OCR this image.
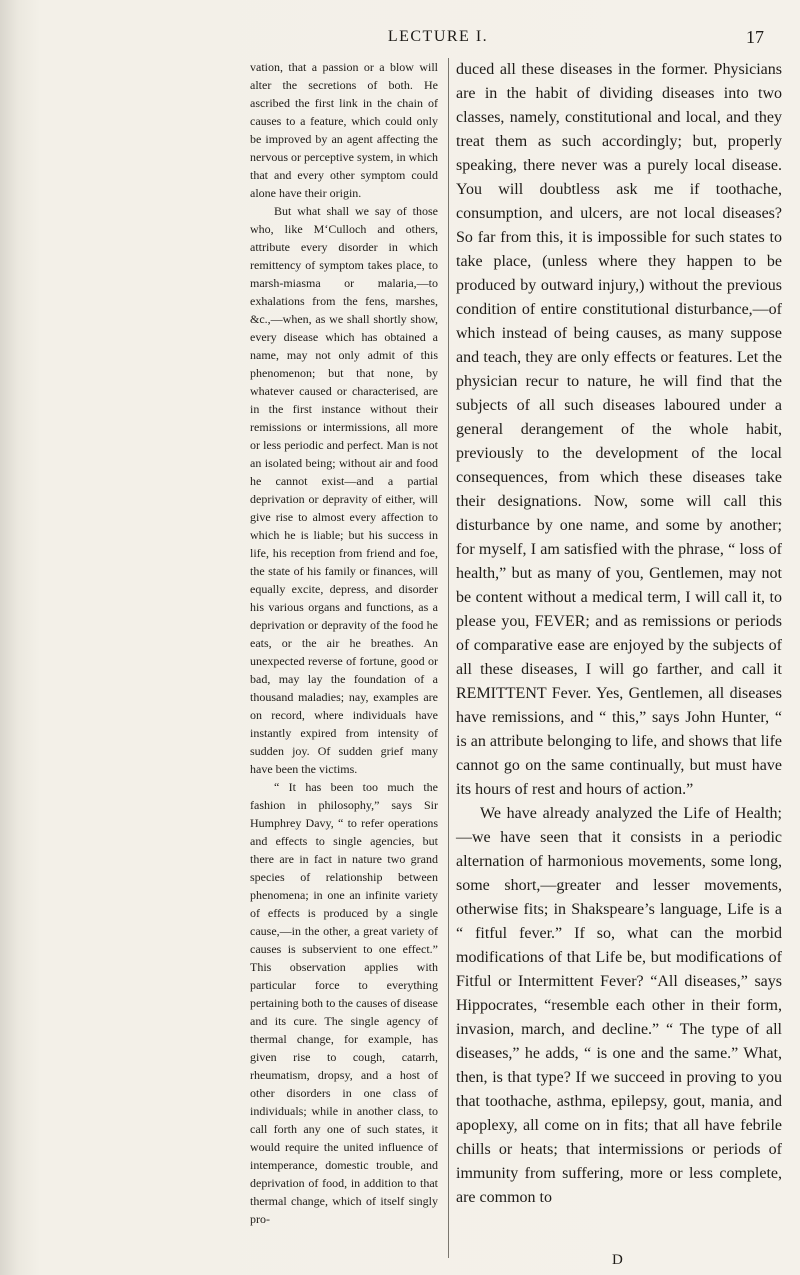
LECTURE I.	17

vation, that a passion or a blow will alter the secretions of both. He ascribed the first link in the chain of causes to a feature, which could only be improved by an agent affecting the nervous or perceptive system, in which that and every other symptom could alone have their origin.

But what shall we say of those who, like M‘Culloch and others, attribute every disorder in which remittency of symptom takes place, to marsh-miasma or malaria,—to exhalations from the fens, marshes, &c.,—when, as we shall shortly show, every disease which has obtained a name, may not only admit of this phenomenon; but that none, by whatever caused or characterised, are in the first instance without their remissions or intermissions, all more or less periodic and perfect. Man is not an isolated being; without air and food he cannot exist—and a partial deprivation or depravity of either, will give rise to almost every affection to which he is liable; but his success in life, his reception from friend and foe, the state of his family or finances, will equally excite, depress, and disorder his various organs and functions, as a deprivation or depravity of the food he eats, or the air he breathes. An unexpected reverse of fortune, good or bad, may lay the foundation of a thousand maladies; nay, examples are on record, where individuals have instantly expired from intensity of sudden joy. Of sudden grief many have been the victims.

“ It has been too much the fashion in philosophy,” says Sir Humphrey Davy, “ to refer operations and effects to single agencies, but there are in fact in nature two grand species of relationship between phenomena; in one an infinite variety of effects is produced by a single cause,—in the other, a great variety of causes is subservient to one effect.” This observation applies with particular force to everything pertaining both to the causes of disease and its cure. The single agency of thermal change, for example, has given rise to cough, catarrh, rheumatism, dropsy, and a host of other disorders in one class of individuals; while in another class, to call forth any one of such states, it would require the united influence of intemperance, domestic trouble, and deprivation of food, in addition to that thermal change, which of itself singly pro-

duced all these diseases in the former. Physicians are in the habit of dividing diseases into two classes, namely, constitutional and local, and they treat them as such accordingly; but, properly speaking, there never was a purely local disease. You will doubtless ask me if toothache, consumption, and ulcers, are not local diseases? So far from this, it is impossible for such states to take place, (unless where they happen to be produced by outward injury,) without the previous condition of entire constitutional disturbance,—of which instead of being causes, as many suppose and teach, they are only effects or features. Let the physician recur to nature, he will find that the subjects of all such diseases laboured under a general derangement of the whole habit, previously to the development of the local consequences, from which these diseases take their designations. Now, some will call this disturbance by one name, and some by another; for myself, I am satisfied with the phrase, “ loss of health,” but as many of you, Gentlemen, may not be content without a medical term, I will call it, to please you, FEVER; and as remissions or periods of comparative ease are enjoyed by the subjects of all these diseases, I will go farther, and call it REMITTENT Fever. Yes, Gentlemen, all diseases have remissions, and “ this,” says John Hunter, “ is an attribute belonging to life, and shows that life cannot go on the same continually, but must have its hours of rest and hours of action.”

We have already analyzed the Life of Health;—we have seen that it consists in a periodic alternation of harmonious movements, some long, some short,—greater and lesser movements, otherwise fits; in Shakspeare’s language, Life is a “ fitful fever.” If so, what can the morbid modifications of that Life be, but modifications of Fitful or Intermittent Fever? “All diseases,” says Hippocrates, “resemble each other in their form, invasion, march, and decline.” “ The type of all diseases,” he adds, “ is one and the same.” What, then, is that type? If we succeed in proving to you that toothache, asthma, epilepsy, gout, mania, and apoplexy, all come on in fits; that all have febrile chills or heats; that intermissions or periods of immunity from suffering, more or less complete, are common to

D
